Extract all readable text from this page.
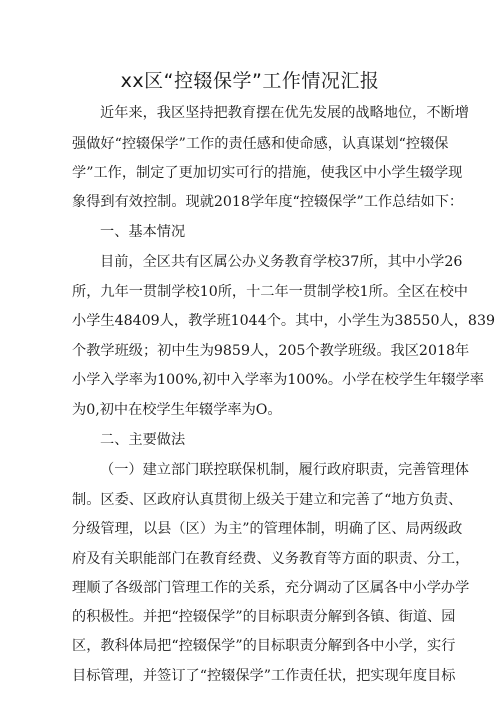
xx区“控辍保学”工作情况汇报
近年来，我区坚持把教育摆在优先发展的战略地位，不断增
强做好“控辍保学”工作的责任感和使命感，认真谋划“控辍保
学”工作，制定了更加切实可行的措施，使我区中小学生辍学现
象得到有效控制。现就2018学年度“控辍保学”工作总结如下：
一、基本情况
目前，全区共有区属公办义务教育学校37所，其中小学26
所，九年一贯制学校10所，十二年一贯制学校1所。全区在校中
小学生48409人，教学班1044个。其中，小学生为38550人，839
个教学班级；初中生为9859人，205个教学班级。我区2018年
小学入学率为100%,初中入学率为100%。小学在校学生年辍学率
为0,初中在校学生年辍学率为O。
二、主要做法
（一）建立部门联控联保机制，履行政府职责，完善管理体
制。区委、区政府认真贯彻上级关于建立和完善了“地方负责、
分级管理，以县（区）为主”的管理体制，明确了区、局两级政
府及有关职能部门在教育经费、义务教育等方面的职责、分工，
理顺了各级部门管理工作的关系，充分调动了区属各中小学办学
的积极性。并把“控辍保学”的目标职责分解到各镇、街道、园
区，教科体局把“控辍保学”的目标职责分解到各中小学，实行
目标管理，并签订了“控辍保学”工作责任状，把实现年度目标
